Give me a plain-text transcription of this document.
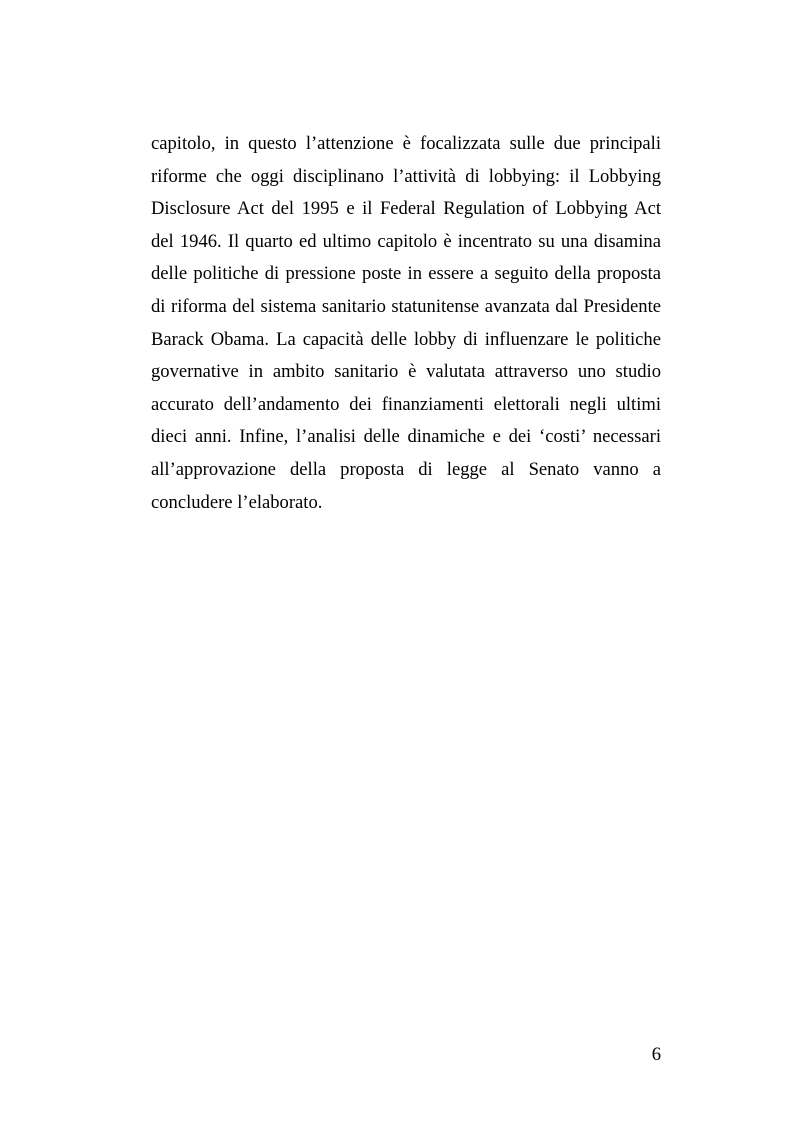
capitolo, in questo l’attenzione è focalizzata sulle due principali
riforme che oggi disciplinano l’attività di lobbying: il Lobbying
Disclosure Act del 1995 e il Federal Regulation of Lobbying Act
del 1946. Il quarto ed ultimo capitolo è incentrato su una disamina
delle politiche di pressione poste in essere a seguito della proposta
di riforma del sistema sanitario statunitense avanzata dal Presidente
Barack Obama. La capacità delle lobby di influenzare le politiche
governative in ambito sanitario è valutata attraverso uno studio
accurato dell’andamento dei finanziamenti elettorali negli ultimi
dieci anni. Infine, l’analisi delle dinamiche e dei ‘costi’ necessari
all’approvazione della proposta di legge al Senato vanno a
concludere l’elaborato.
6
